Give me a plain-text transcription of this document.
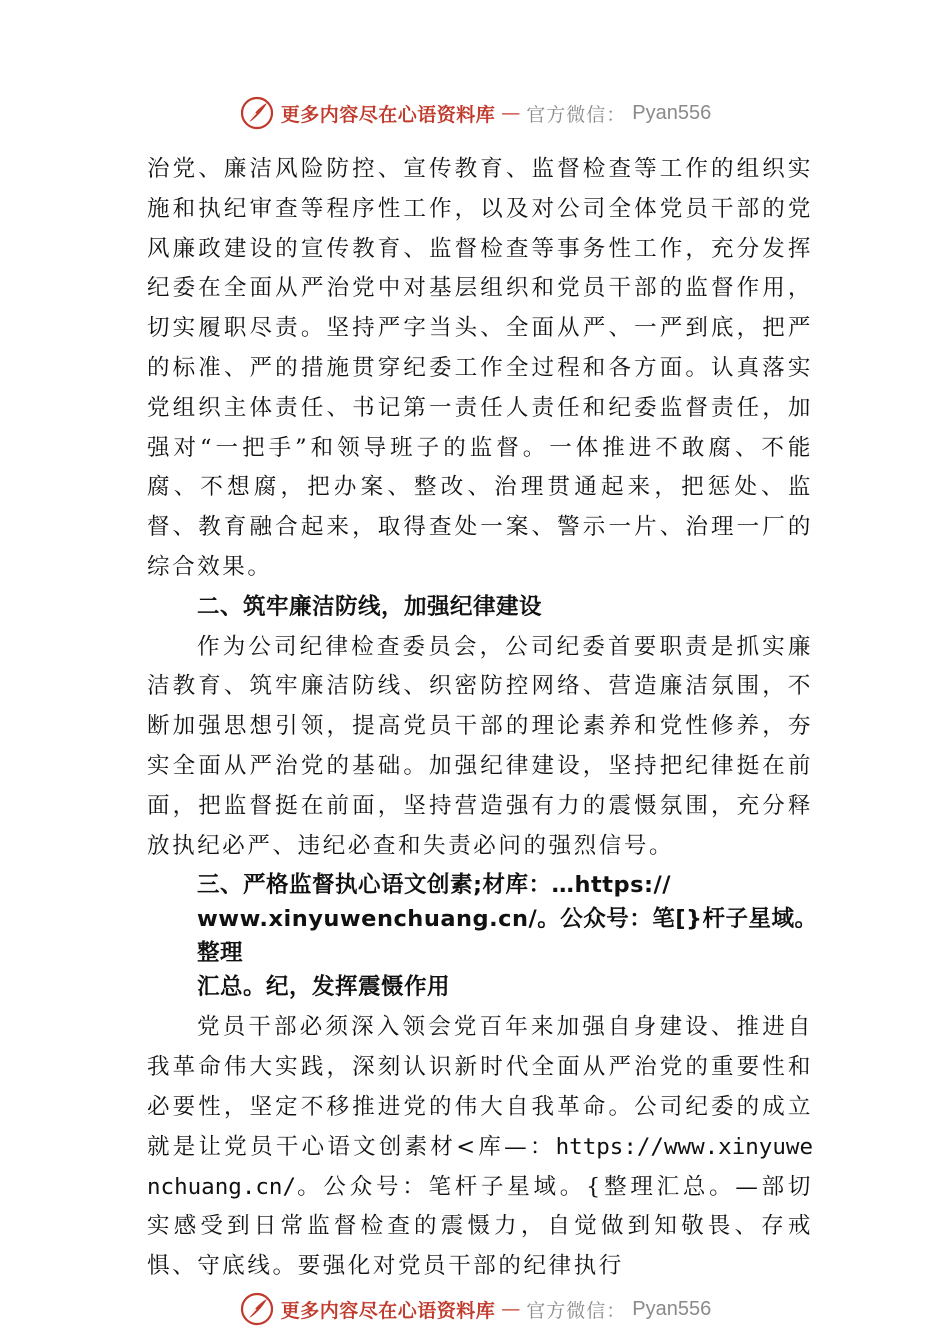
更多内容尽在心语资料库 — 官方微信： Pyan556

治党、廉洁风险防控、宣传教育、监督检查等工作的组织实施和执纪审查等程序性工作，以及对公司全体党员干部的党风廉政建设的宣传教育、监督检查等事务性工作，充分发挥纪委在全面从严治党中对基层组织和党员干部的监督作用，切实履职尽责。坚持严字当头、全面从严、一严到底，把严的标准、严的措施贯穿纪委工作全过程和各方面。认真落实党组织主体责任、书记第一责任人责任和纪委监督责任，加强对“一把手”和领导班子的监督。一体推进不敢腐、不能腐、不想腐，把办案、整改、治理贯通起来，把惩处、监督、教育融合起来，取得查处一案、警示一片、治理一厂的综合效果。

二、筑牢廉洁防线，加强纪律建设

作为公司纪律检查委员会，公司纪委首要职责是抓实廉洁教育、筑牢廉洁防线、织密防控网络、营造廉洁氛围，不断加强思想引领，提高党员干部的理论素养和党性修养，夯实全面从严治党的基础。加强纪律建设，坚持把纪律挺在前面，把监督挺在前面，坚持营造强有力的震慑氛围，充分释放执纪必严、违纪必查和失责必问的强烈信号。

三、严格监督执心语文创素;材库：…https://
www.xinyuwenchuang.cn/。公众号：笔[}杆子星域。整理
汇总。纪，发挥震慑作用

党员干部必须深入领会党百年来加强自身建设、推进自我革命伟大实践，深刻认识新时代全面从严治党的重要性和必要性，坚定不移推进党的伟大自我革命。公司纪委的成立就是让党员干心语文创素材<库—：https://www.xinyuwenchuang.cn/。公众号：笔杆子星域。{整理汇总。—部切实感受到日常监督检查的震慑力，自觉做到知敬畏、存戒惧、守底线。要强化对党员干部的纪律执行

更多内容尽在心语资料库 — 官方微信： Pyan556
